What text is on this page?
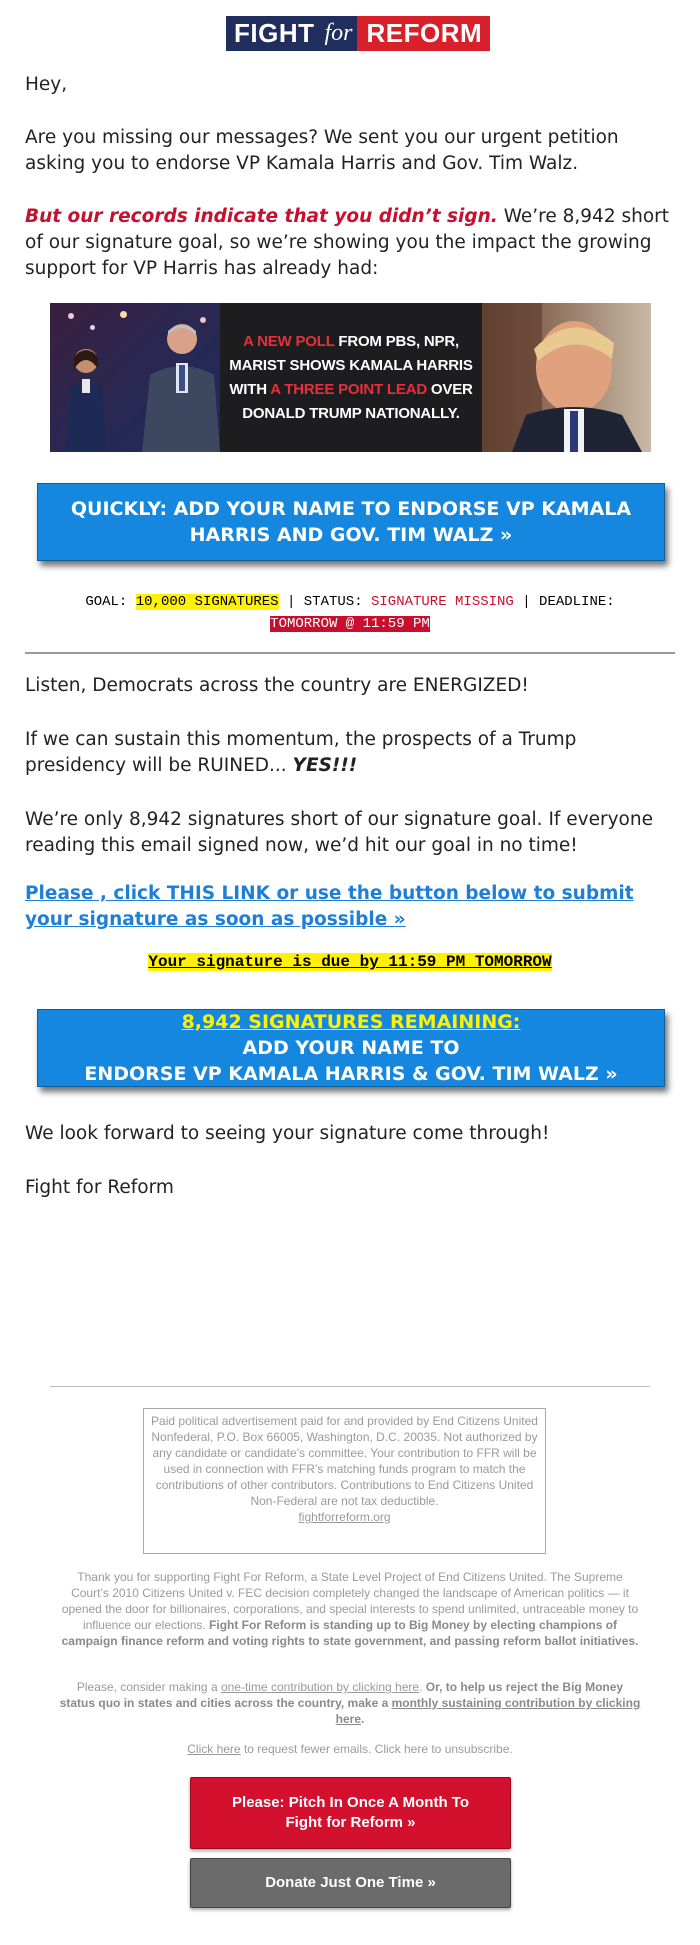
FIGHT for REFORM

Hey,

Are you missing our messages? We sent you our urgent petition asking you to endorse VP Kamala Harris and Gov. Tim Walz.

But our records indicate that you didn’t sign. We’re 8,942 short of our signature goal, so we’re showing you the impact the growing support for VP Harris has already had:

A NEW POLL FROM PBS, NPR, MARIST SHOWS KAMALA HARRIS WITH A THREE POINT LEAD OVER DONALD TRUMP NATIONALLY.
QUICKLY: ADD YOUR NAME TO ENDORSE VP KAMALA
HARRIS AND GOV. TIM WALZ »
GOAL: 10,000 SIGNATURES | STATUS: SIGNATURE MISSING | DEADLINE:
TOMORROW @ 11:59 PM

Listen, Democrats across the country are ENERGIZED!

If we can sustain this momentum, the prospects of a Trump presidency will be RUINED... YES!!!

We’re only 8,942 signatures short of our signature goal. If everyone reading this email signed now, we’d hit our goal in no time!

Please , click THIS LINK or use the button below to submit your signature as soon as possible »
Your signature is due by 11:59 PM TOMORROW
8,942 SIGNATURES REMAINING:
ADD YOUR NAME TO
ENDORSE VP KAMALA HARRIS & GOV. TIM WALZ »

We look forward to seeing your signature come through!

Fight for Reform

Paid political advertisement paid for and provided by End Citizens United Nonfederal, P.O. Box 66005, Washington, D.C. 20035. Not authorized by any candidate or candidate’s committee. Your contribution to FFR will be used in connection with FFR’s matching funds program to match the contributions of other contributors. Contributions to End Citizens United Non-Federal are not tax deductible.
fightforreform.org

Thank you for supporting Fight For Reform, a State Level Project of End Citizens United. The Supreme Court’s 2010 Citizens United v. FEC decision completely changed the landscape of American politics — it opened the door for billionaires, corporations, and special interests to spend unlimited, untraceable money to influence our elections. Fight For Reform is standing up to Big Money by electing champions of campaign finance reform and voting rights to state government, and passing reform ballot initiatives.

Please, consider making a one-time contribution by clicking here. Or, to help us reject the Big Money status quo in states and cities across the country, make a monthly sustaining contribution by clicking here.

Click here to request fewer emails. Click here to unsubscribe.

Please: Pitch In Once A Month To Fight for Reform »
Donate Just One Time »
